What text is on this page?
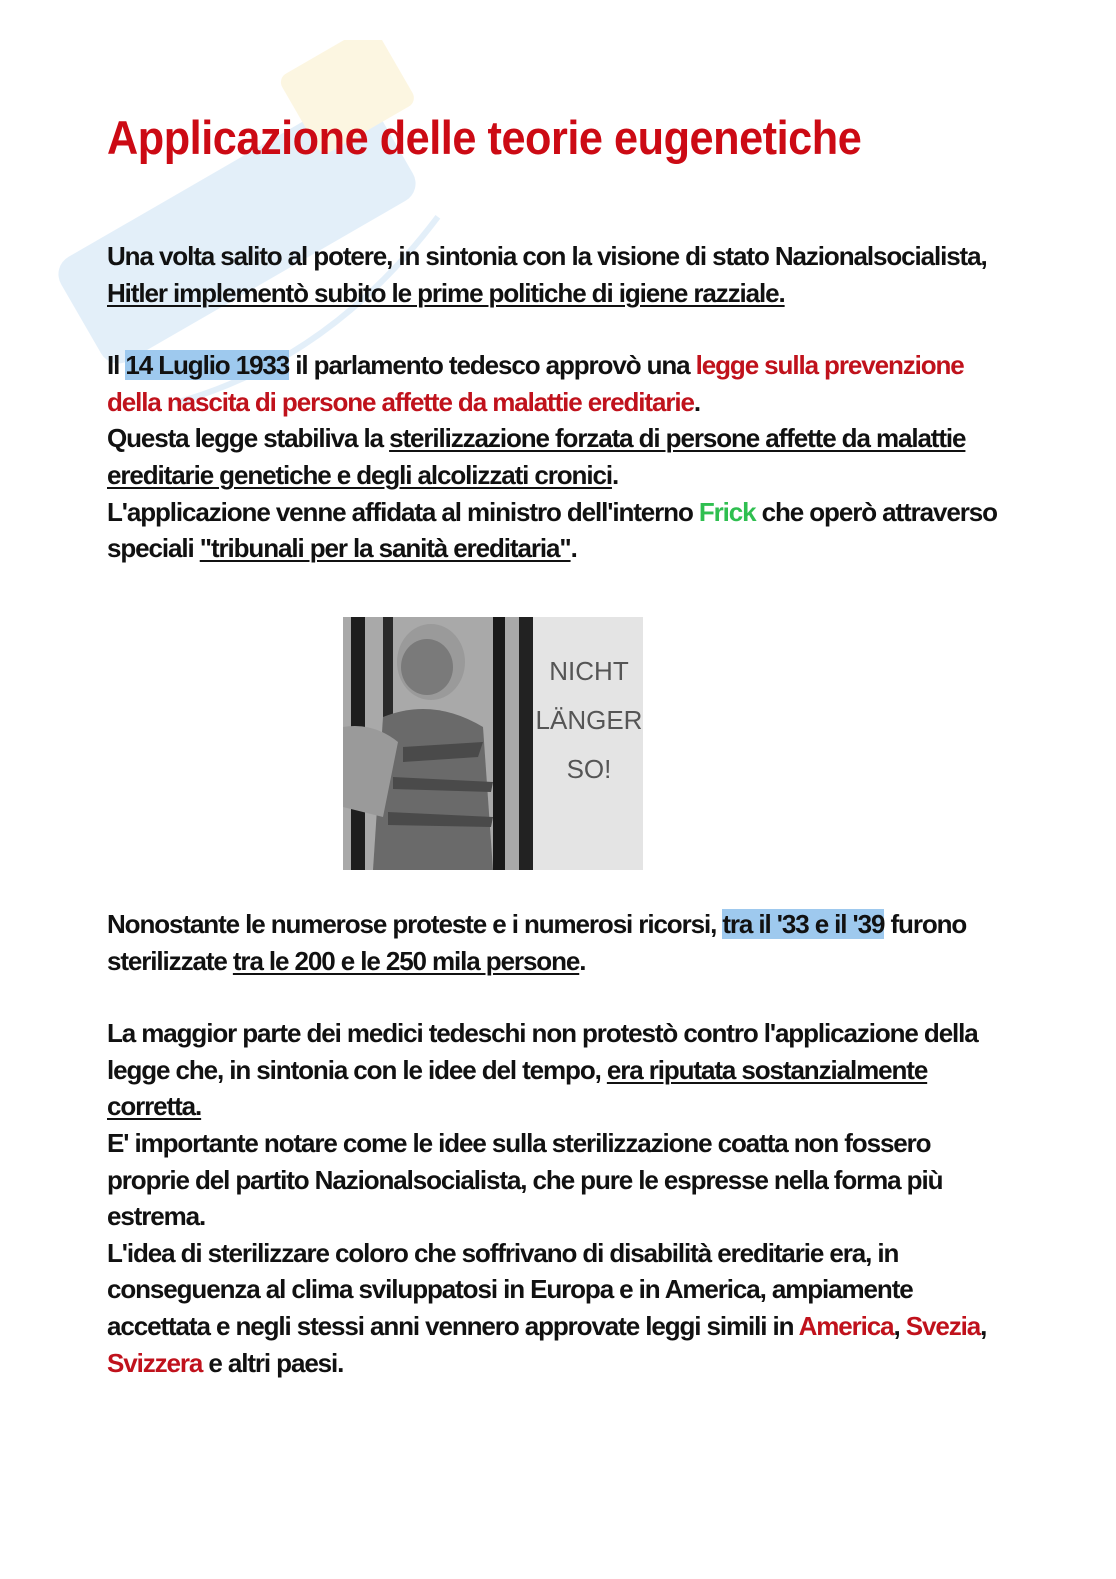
Applicazione delle teorie eugenetiche

Una volta salito al potere, in sintonia con la visione di stato Nazionalsocialista, Hitler implementò subito le prime politiche di igiene razziale.

Il 14 Luglio 1933 il parlamento tedesco approvò una legge sulla prevenzione della nascita di persone affette da malattie ereditarie.
Questa legge stabiliva la sterilizzazione forzata di persone affette da malattie ereditarie genetiche e degli alcolizzati cronici.
L'applicazione venne affidata al ministro dell'interno Frick che operò attraverso speciali "tribunali per la sanità ereditaria".

NICHT
LÄNGER
SO!

Nonostante le numerose proteste e i numerosi ricorsi, tra il '33 e il '39 furono sterilizzate tra le 200 e le 250 mila persone.

La maggior parte dei medici tedeschi non protestò contro l'applicazione della legge che, in sintonia con le idee del tempo, era riputata sostanzialmente corretta.
E' importante notare come le idee sulla sterilizzazione coatta non fossero proprie del partito Nazionalsocialista, che pure le espresse nella forma più estrema.
L'idea di sterilizzare coloro che soffrivano di disabilità ereditarie era, in conseguenza al clima sviluppatosi in Europa e in America, ampiamente accettata e negli stessi anni vennero approvate leggi simili in America, Svezia, Svizzera e altri paesi.
